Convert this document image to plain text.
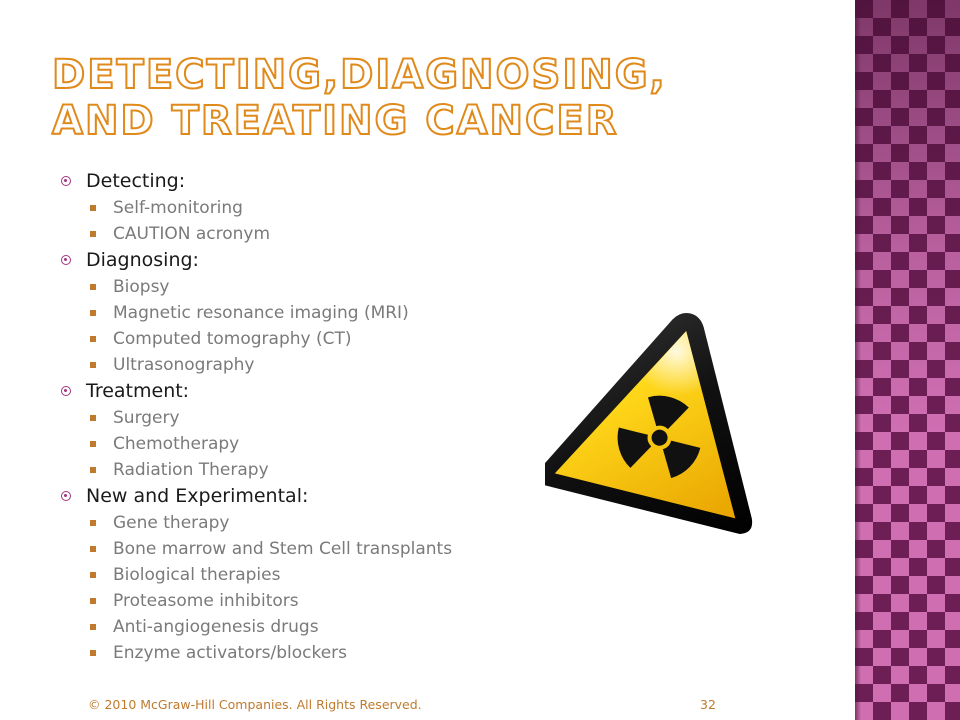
DETECTING,DIAGNOSING, AND TREATING CANCER
Detecting:
Self-monitoring
CAUTION acronym
Diagnosing:
Biopsy
Magnetic resonance imaging (MRI)
Computed tomography (CT)
Ultrasonography
Treatment:
Surgery
Chemotherapy
Radiation Therapy
New and Experimental:
Gene therapy
Bone marrow and Stem Cell transplants
Biological therapies
Proteasome inhibitors
Anti-angiogenesis drugs
Enzyme activators/blockers
© 2010 McGraw-Hill Companies. All Rights Reserved.	32
